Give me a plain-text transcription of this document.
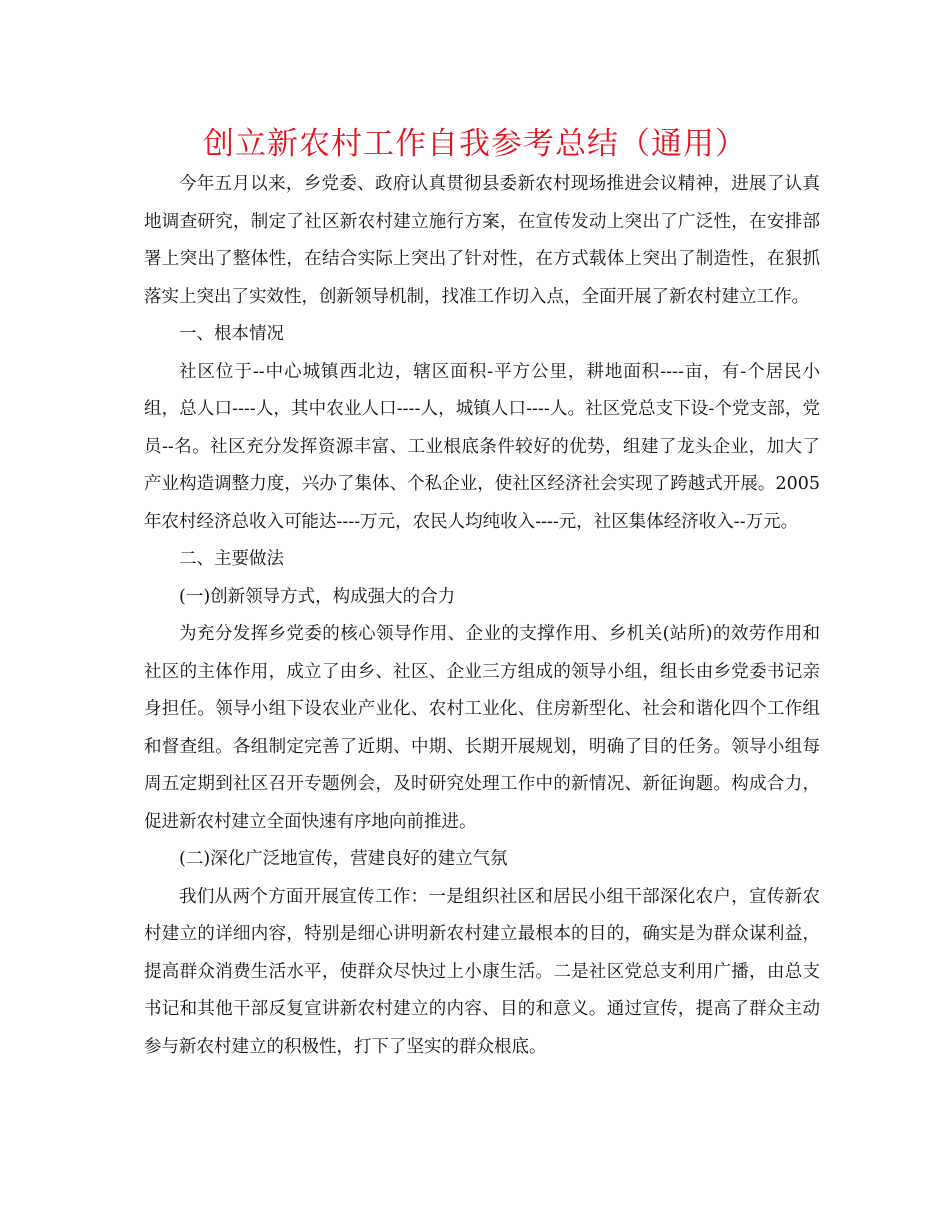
创立新农村工作自我参考总结（通用）

今年五月以来，乡党委、政府认真贯彻县委新农村现场推进会议精神，进展了认真地调查研究，制定了社区新农村建立施行方案，在宣传发动上突出了广泛性，在安排部署上突出了整体性，在结合实际上突出了针对性，在方式载体上突出了制造性，在狠抓落实上突出了实效性，创新领导机制，找准工作切入点，全面开展了新农村建立工作。

一、根本情况

社区位于--中心城镇西北边，辖区面积-平方公里，耕地面积----亩，有-个居民小组，总人口----人，其中农业人口----人，城镇人口----人。社区党总支下设-个党支部，党员--名。社区充分发挥资源丰富、工业根底条件较好的优势，组建了龙头企业，加大了产业构造调整力度，兴办了集体、个私企业，使社区经济社会实现了跨越式开展。2005年农村经济总收入可能达----万元，农民人均纯收入----元，社区集体经济收入--万元。

二、主要做法

(一)创新领导方式，构成强大的合力

为充分发挥乡党委的核心领导作用、企业的支撑作用、乡机关(站所)的效劳作用和社区的主体作用，成立了由乡、社区、企业三方组成的领导小组，组长由乡党委书记亲身担任。领导小组下设农业产业化、农村工业化、住房新型化、社会和谐化四个工作组和督查组。各组制定完善了近期、中期、长期开展规划，明确了目的任务。领导小组每周五定期到社区召开专题例会，及时研究处理工作中的新情况、新征询题。构成合力，促进新农村建立全面快速有序地向前推进。

(二)深化广泛地宣传，营建良好的建立气氛

我们从两个方面开展宣传工作：一是组织社区和居民小组干部深化农户，宣传新农村建立的详细内容，特别是细心讲明新农村建立最根本的目的，确实是为群众谋利益，提高群众消费生活水平，使群众尽快过上小康生活。二是社区党总支利用广播，由总支书记和其他干部反复宣讲新农村建立的内容、目的和意义。通过宣传，提高了群众主动参与新农村建立的积极性，打下了坚实的群众根底。
